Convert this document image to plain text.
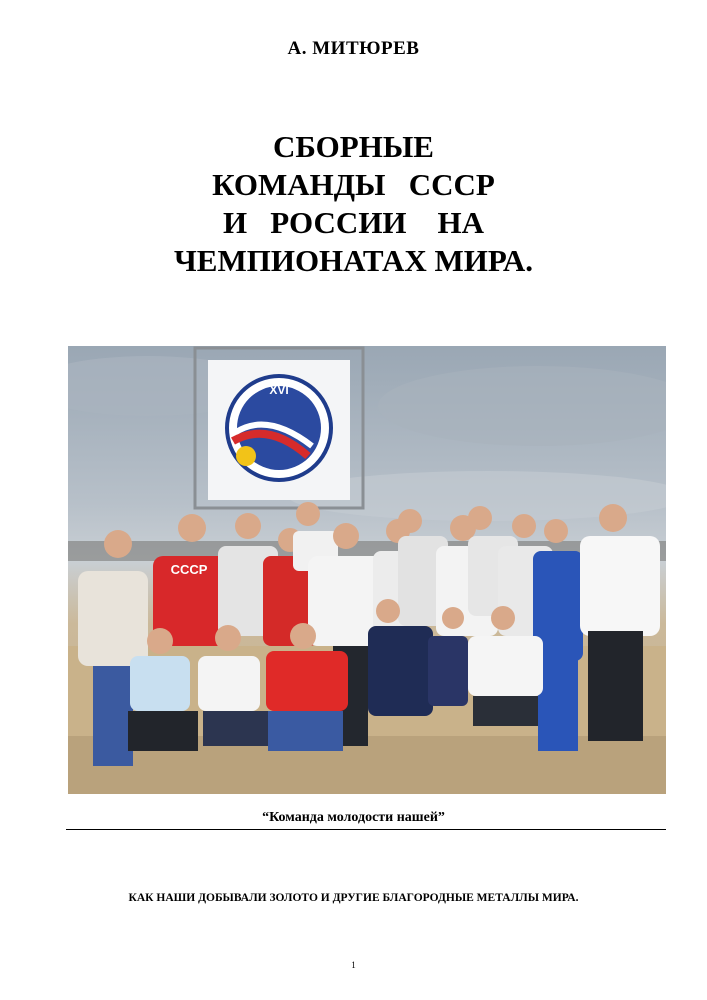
А. МИТЮРЕВ
СБОРНЫЕ
КОМАНДЫ   СССР
И   РОССИИ    НА
ЧЕМПИОНАТАХ МИРА.
XVI
СССР
“Команда молодости нашей”
КАК НАШИ ДОБЫВАЛИ ЗОЛОТО И ДРУГИЕ БЛАГОРОДНЫЕ МЕТАЛЛЫ МИРА.
1
